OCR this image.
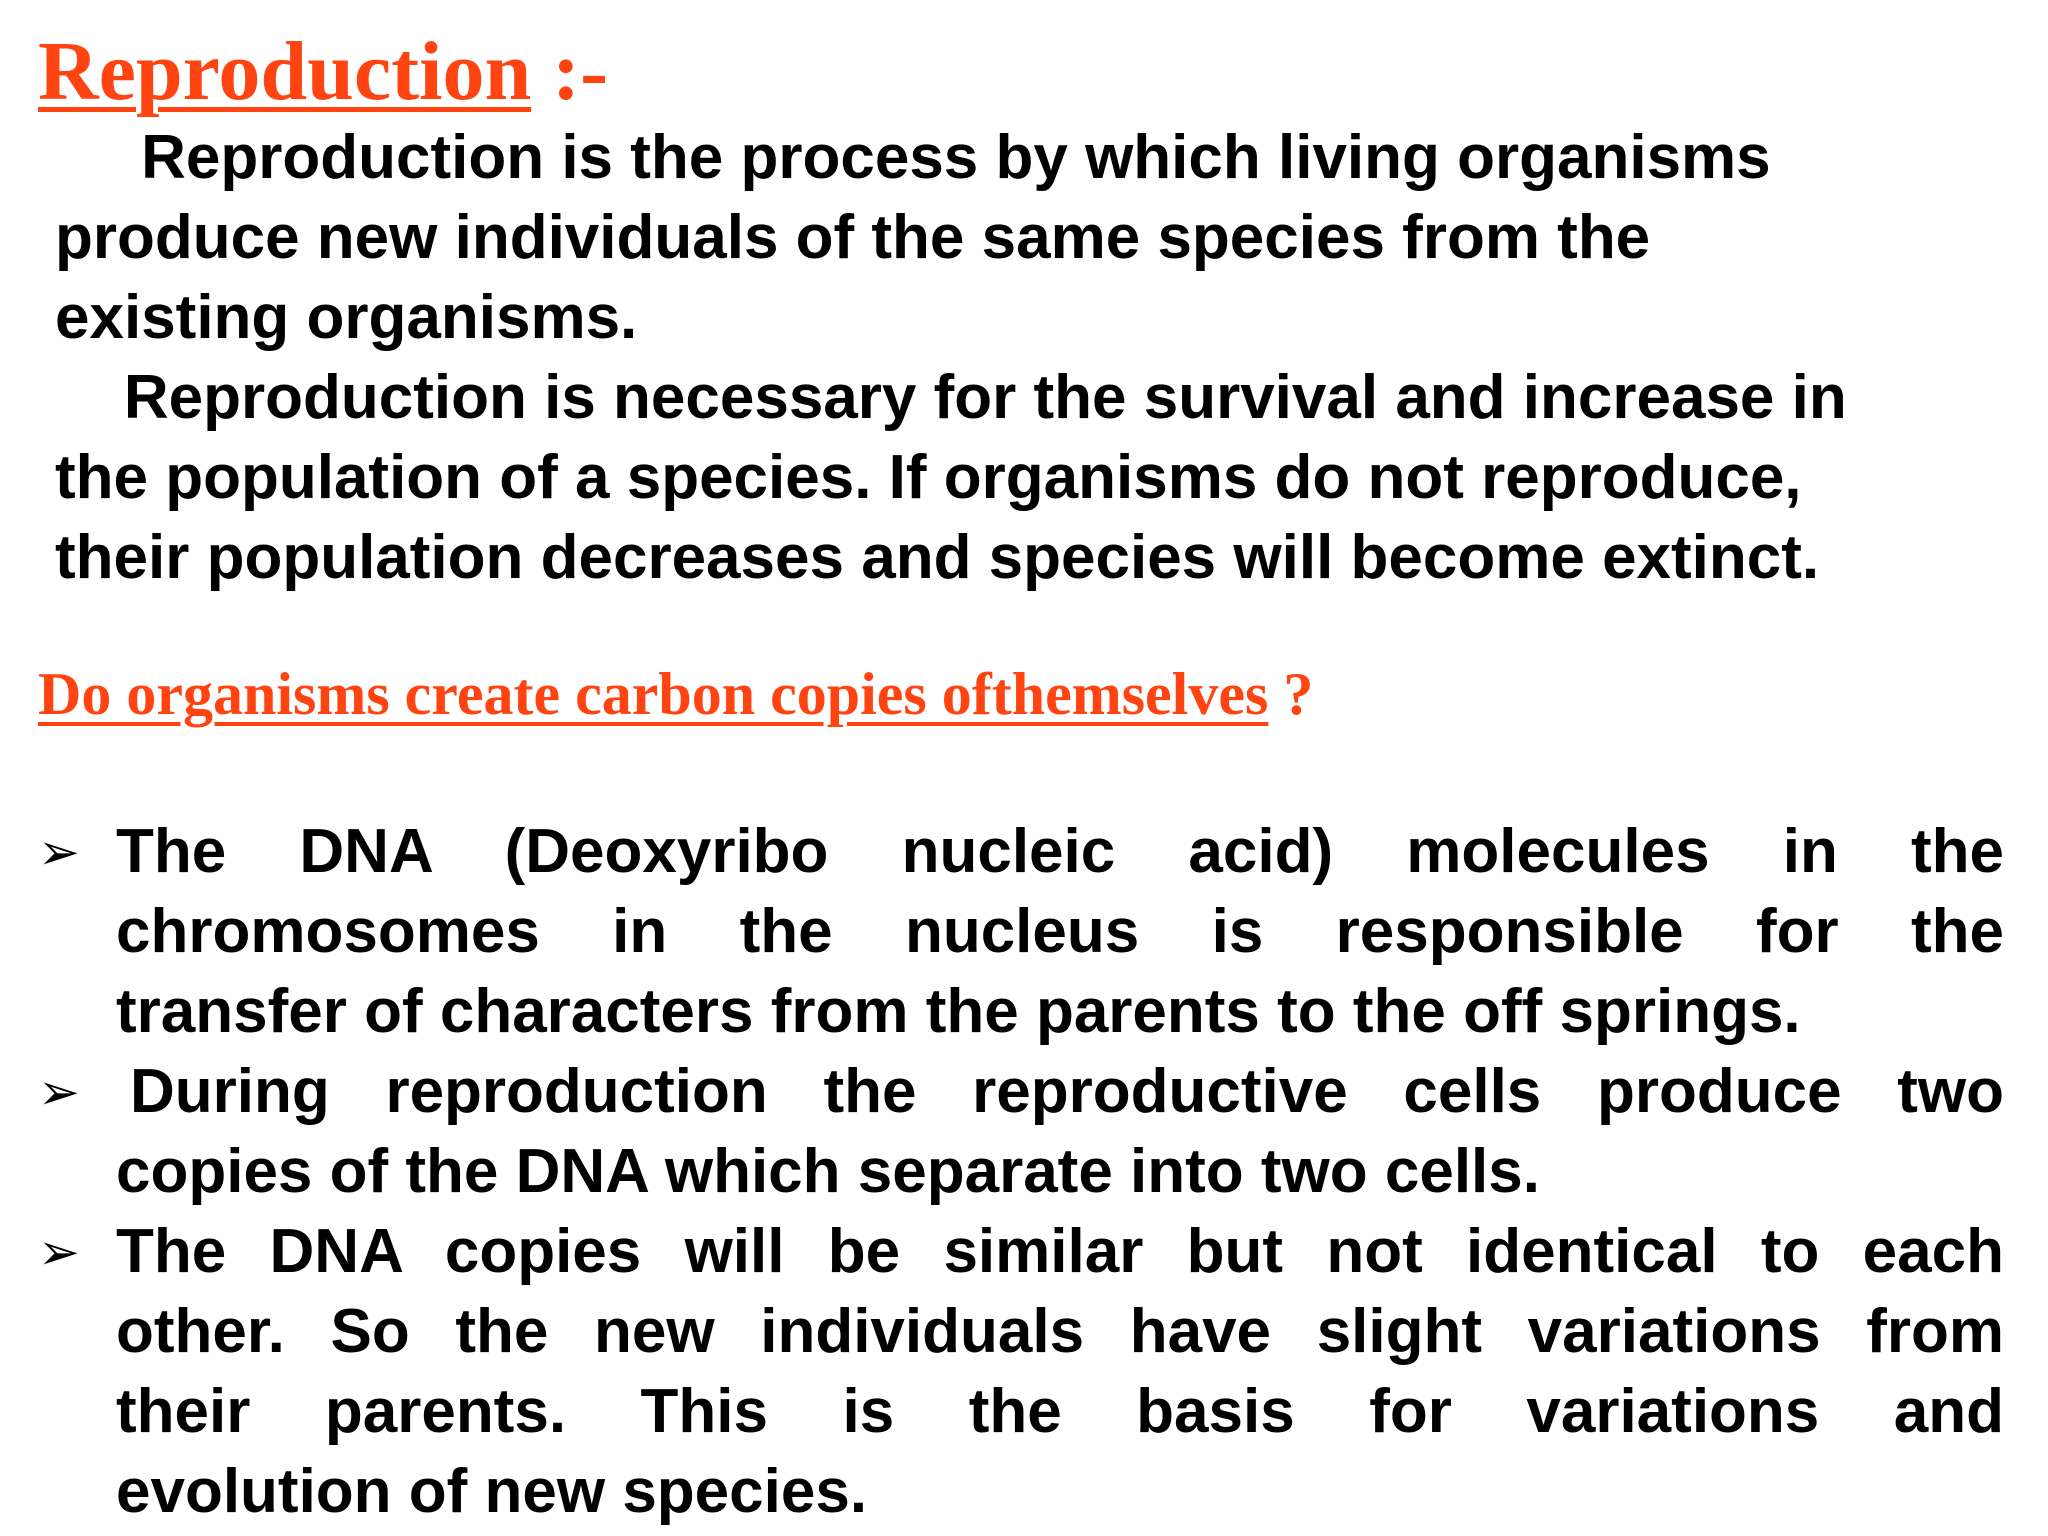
Reproduction :-

Reproduction is the process by which living organisms
produce new individuals of the same species from the
existing organisms.
Reproduction is necessary for the survival and increase in
the population of a species. If organisms do not reproduce,
their population decreases and species will become extinct.

Do organisms create carbon copies ofthemselves ?
➢ The DNA (Deoxyribo nucleic acid) molecules in the
chromosomes in the nucleus is responsible for the
transfer of characters from the parents to the off springs.
➢ During reproduction the reproductive cells produce two
copies of the DNA which separate into two cells.
➢ The DNA copies will be similar but not identical to each
other. So the new individuals have slight variations from
their parents. This is the basis for variations and
evolution of new species.
